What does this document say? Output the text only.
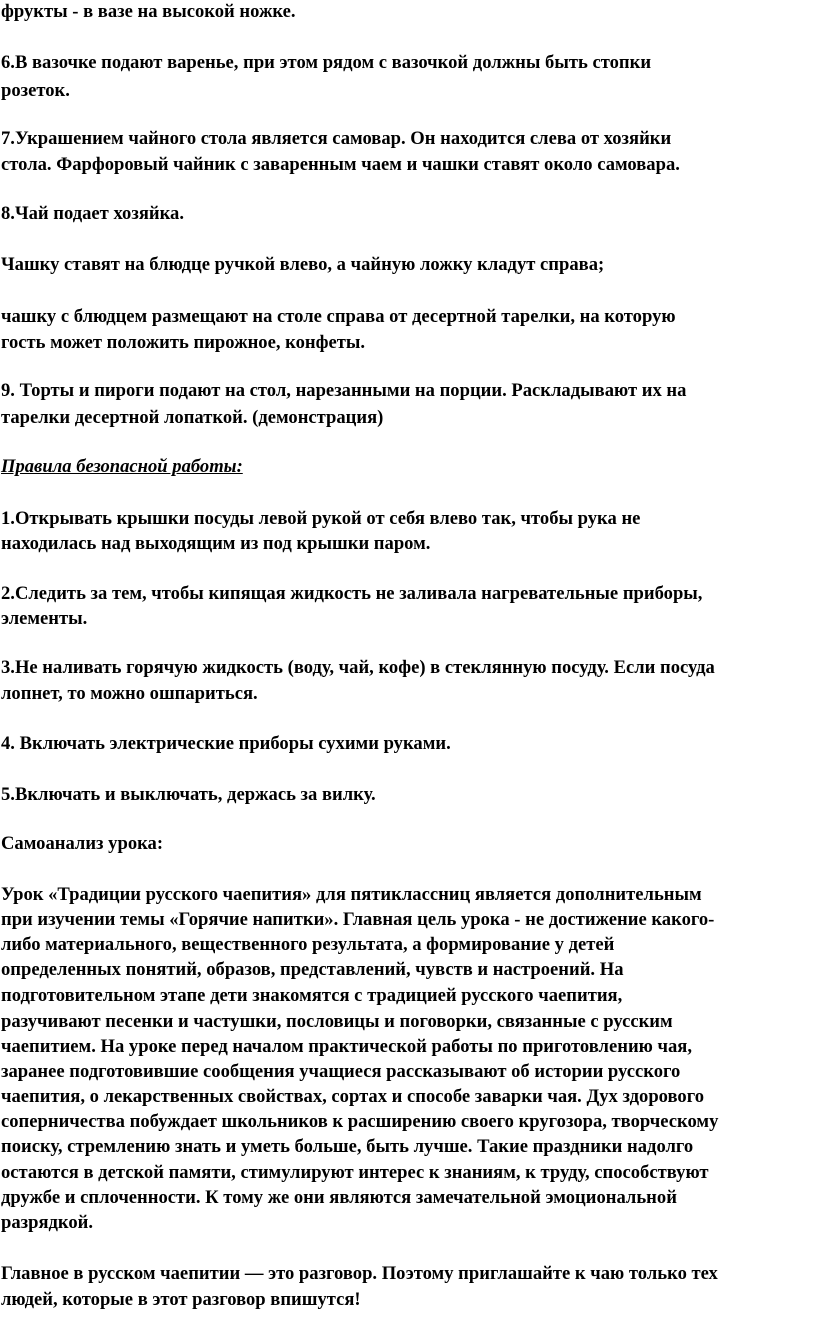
фрукты - в вазе на высокой ножке.
6.В вазочке подают варенье, при этом рядом с вазочкой должны быть стопки
розеток.
7.Украшением чайного стола является самовар. Он находится слева от хозяйки
стола. Фарфоровый чайник с заваренным чаем и чашки ставят около самовара.
8.Чай подает хозяйка.
Чашку ставят на блюдце ручкой влево, а чайную ложку кладут справа;
чашку с блюдцем размещают на столе справа от десертной тарелки, на которую
гость может положить пирожное, конфеты.
9. Торты и пироги подают на стол, нарезанными на порции. Раскладывают их на
тарелки десертной лопаткой. (демонстрация)
Правила безопасной работы:
1.Открывать крышки посуды левой рукой от себя влево так, чтобы рука не
находилась над выходящим из под крышки паром.
2.Следить за тем, чтобы кипящая жидкость не заливала нагревательные приборы,
элементы.
3.Не наливать горячую жидкость (воду, чай, кофе) в стеклянную посуду. Если посуда
лопнет, то можно ошпариться.
4. Включать электрические приборы сухими руками.
5.Включать и выключать, держась за вилку.
Самоанализ урока:
Урок «Традиции русского чаепития» для пятиклассниц является дополнительным
при изучении темы «Горячие напитки». Главная цель урока - не достижение какого-
либо материального, вещественного результата, а формирование у детей
определенных понятий, образов, представлений, чувств и настроений. На
подготовительном этапе дети знакомятся с традицией русского чаепития,
разучивают песенки и частушки, пословицы и поговорки, связанные с русским
чаепитием. На уроке перед началом практической работы по приготовлению чая,
заранее подготовившие сообщения учащиеся рассказывают об истории русского
чаепития, о лекарственных свойствах, сортах и способе заварки чая. Дух здорового
соперничества побуждает школьников к расширению своего кругозора, творческому
поиску, стремлению знать и уметь больше, быть лучше. Такие праздники надолго
остаются в детской памяти, стимулируют интерес к знаниям, к труду, способствуют
дружбе и сплоченности. К тому же они являются замечательной эмоциональной
разрядкой.
Главное в русском чаепитии — это разговор. Поэтому приглашайте к чаю только тех
людей, которые в этот разговор впишутся!
